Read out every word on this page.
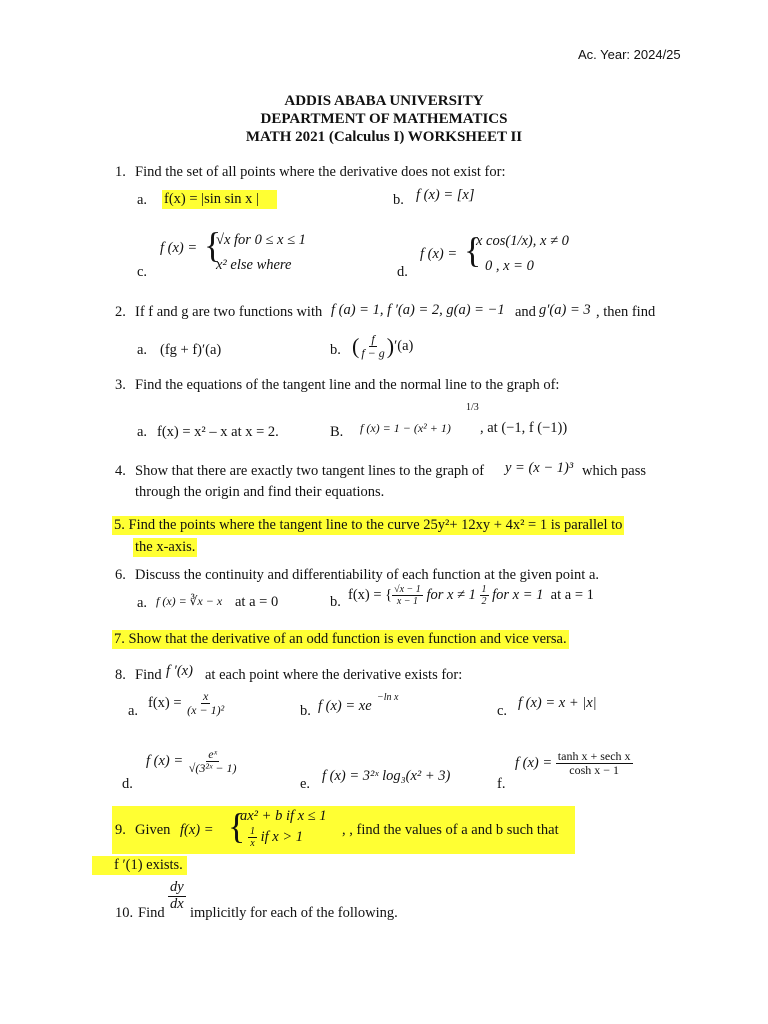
Ac. Year: 2024/25
ADDIS ABABA UNIVERSITY
DEPARTMENT OF MATHEMATICS
MATH 2021 (Calculus I) WORKSHEET II
1. Find the set of all points where the derivative does not exist for:
a. f(x) = |sin sin x |	b. f (x) = [x]
f (x) = {
√x for 0 ≤ x ≤ 1
x² else where
c.
f (x) = {
x cos(1/x), x ≠ 0
0 , x = 0
d.
2. If f and g are two functions with f (a) = 1, f ′(a) = 2, g(a) = −1 and g′(a) = 3 , then find
a. (fg + f)′(a)	b. ( $\frac{f}{f - g} )'(a)$
3. Find the equations of the tangent line and the normal line to the graph of:
a. f(x) = x² – x at x = 2.	B. f (x) = 1 − (x² + 1)
1/3
, at (−1, f (−1))
4. Show that there are exactly two tangent lines to the graph of y = (x − 1)³ which pass
through the origin and find their equations.
5. Find the points where the tangent line to the curve 25y²+ 12xy + 4x² = 1 is parallel to
the x-axis.
6. Discuss the continuity and differentiability of each function at the given point a.
a. f (x) = ∛x − x at a = 0	b. f(x) = { $\frac{√x - 1}{x - 1}$ for $x \ne 1 \frac{1}{2}$ for x = 1 at a = 1
7. Show that the derivative of an odd function is even function and vice versa.
8. Find f ′(x) at each point where the derivative exists for:
a. $f(x) = \frac{x}{\text{(x − 1)²}}$	b. f (x) = xe
−ln x
c. f (x) = x + |x|
d.
f $(x) = \frac{\text{eˣ}}{\text{√(3²ˣ − 1)}}$
e. f (x) = 3²ˣ log₃(x² + 3)	f.
f $(x) = \frac{\text{tanh x + sech x}}{\text{cosh x − 1}}$
9. Given f(x) = {
ax² + b if x ≤ 1
$\frac{1}{x}$ if x > 1	, , find the values of a and b such that
f ′(1) exists.
10. Find
$\frac{dy}{dx}$
implicitly for each of the following.
